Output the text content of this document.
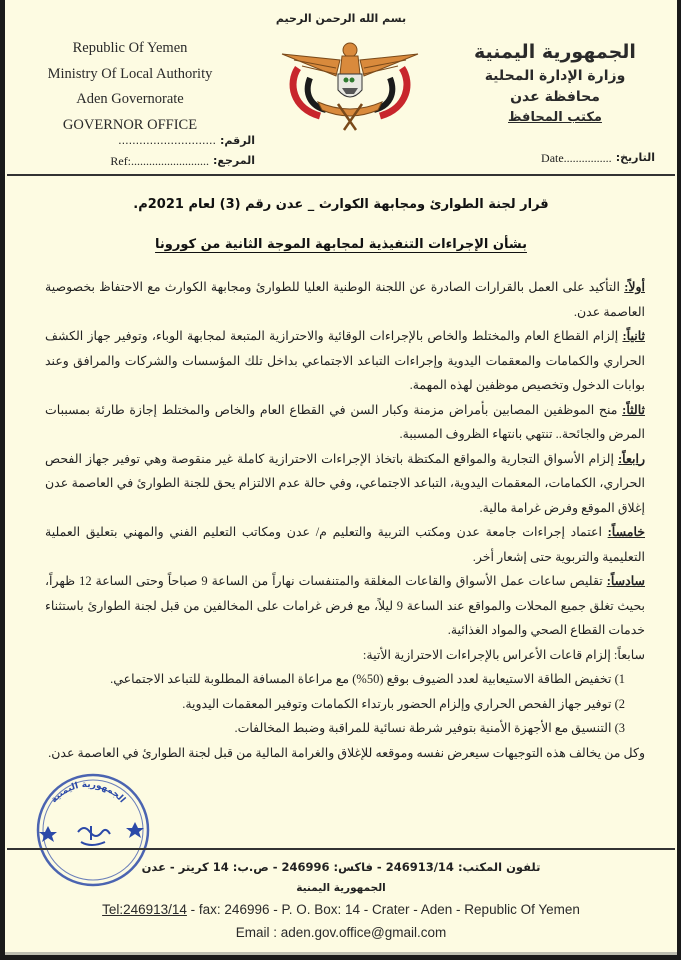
بسم الله الرحمن الرحيم
Republic Of Yemen
Ministry Of Local Authority
Aden Governorate
GOVERNOR OFFICE
الجمهورية اليمنية
وزارة الإدارة المحلية
محافظة عدن
مكتب المحافظ
............................ الرقم:
Ref:.......................... المرجع:	Date................ التاريخ:
قرار لجنة الطوارئ ومجابهة الكوارث _ عدن رقم (3) لعام 2021م.
بشأن الإجراءات التنفيذية لمجابهة الموجة الثانية من كورونا

أولاً: التأكيد على العمل بالقرارات الصادرة عن اللجنة الوطنية العليا للطوارئ ومجابهة الكوارث مع الاحتفاظ بخصوصية العاصمة عدن.

ثانياً: إلزام القطاع العام والمختلط والخاص بالإجراءات الوقائية والاحترازية المتبعة لمجابهة الوباء، وتوفير جهاز الكشف الحراري والكمامات والمعقمات اليدوية وإجراءات التباعد الاجتماعي بداخل تلك المؤسسات والشركات والمرافق وعند بوابات الدخول وتخصيص موظفين لهذه المهمة.

ثالثاً: منح الموظفين المصابين بأمراض مزمنة وكبار السن في القطاع العام والخاص والمختلط إجازة طارئة بمسببات المرض والجائحة.. تنتهي بانتهاء الظروف المسببة.

رابعاً: إلزام الأسواق التجارية والمواقع المكتظة باتخاذ الإجراءات الاحترازية كاملة غير منقوصة وهي توفير جهاز الفحص الحراري، الكمامات، المعقمات اليدوية، التباعد الاجتماعي، وفي حالة عدم الالتزام يحق للجنة الطوارئ في العاصمة عدن إغلاق الموقع وفرض غرامة مالية.

خامساً: اعتماد إجراءات جامعة عدن ومكتب التربية والتعليم م/ عدن ومكاتب التعليم الفني والمهني بتعليق العملية التعليمية والتربوية حتى إشعار أخر.

سادساً: تقليص ساعات عمل الأسواق والقاعات المغلقة والمتنفسات نهاراً من الساعة 9 صباحاً وحتى الساعة 12 ظهراً، بحيث تغلق جميع المحلات والمواقع عند الساعة 9 ليلاً، مع فرض غرامات على المخالفين من قبل لجنة الطوارئ باستثناء خدمات القطاع الصحي والمواد الغذائية.

سابعاً: إلزام قاعات الأعراس بالإجراءات الاحترازية الأتية:

1) تخفيض الطاقة الاستيعابية لعدد الضيوف بوقع (50%) مع مراعاة المسافة المطلوبة للتباعد الاجتماعي.

2) توفير جهاز الفحص الحراري وإلزام الحضور بارتداء الكمامات وتوفير المعقمات اليدوية.

3) التنسيق مع الأجهزة الأمنية بتوفير شرطة نسائية للمراقبة وضبط المخالفات.

وكل من يخالف هذه التوجيهات سيعرض نفسه وموقعه للإغلاق والغرامة المالية من قبل لجنة الطوارئ في العاصمة عدن.

تلفون المكتب: 246913/14 - فاكس: 246996 - ص.ب: 14 كريتر - عدن
الجمهورية اليمنية
Tel:246913/14 - fax: 246996 - P. O. Box: 14 - Crater - Aden - Republic Of Yemen
Email : aden.gov.office@gmail.com
الجمهورية اليمنية
